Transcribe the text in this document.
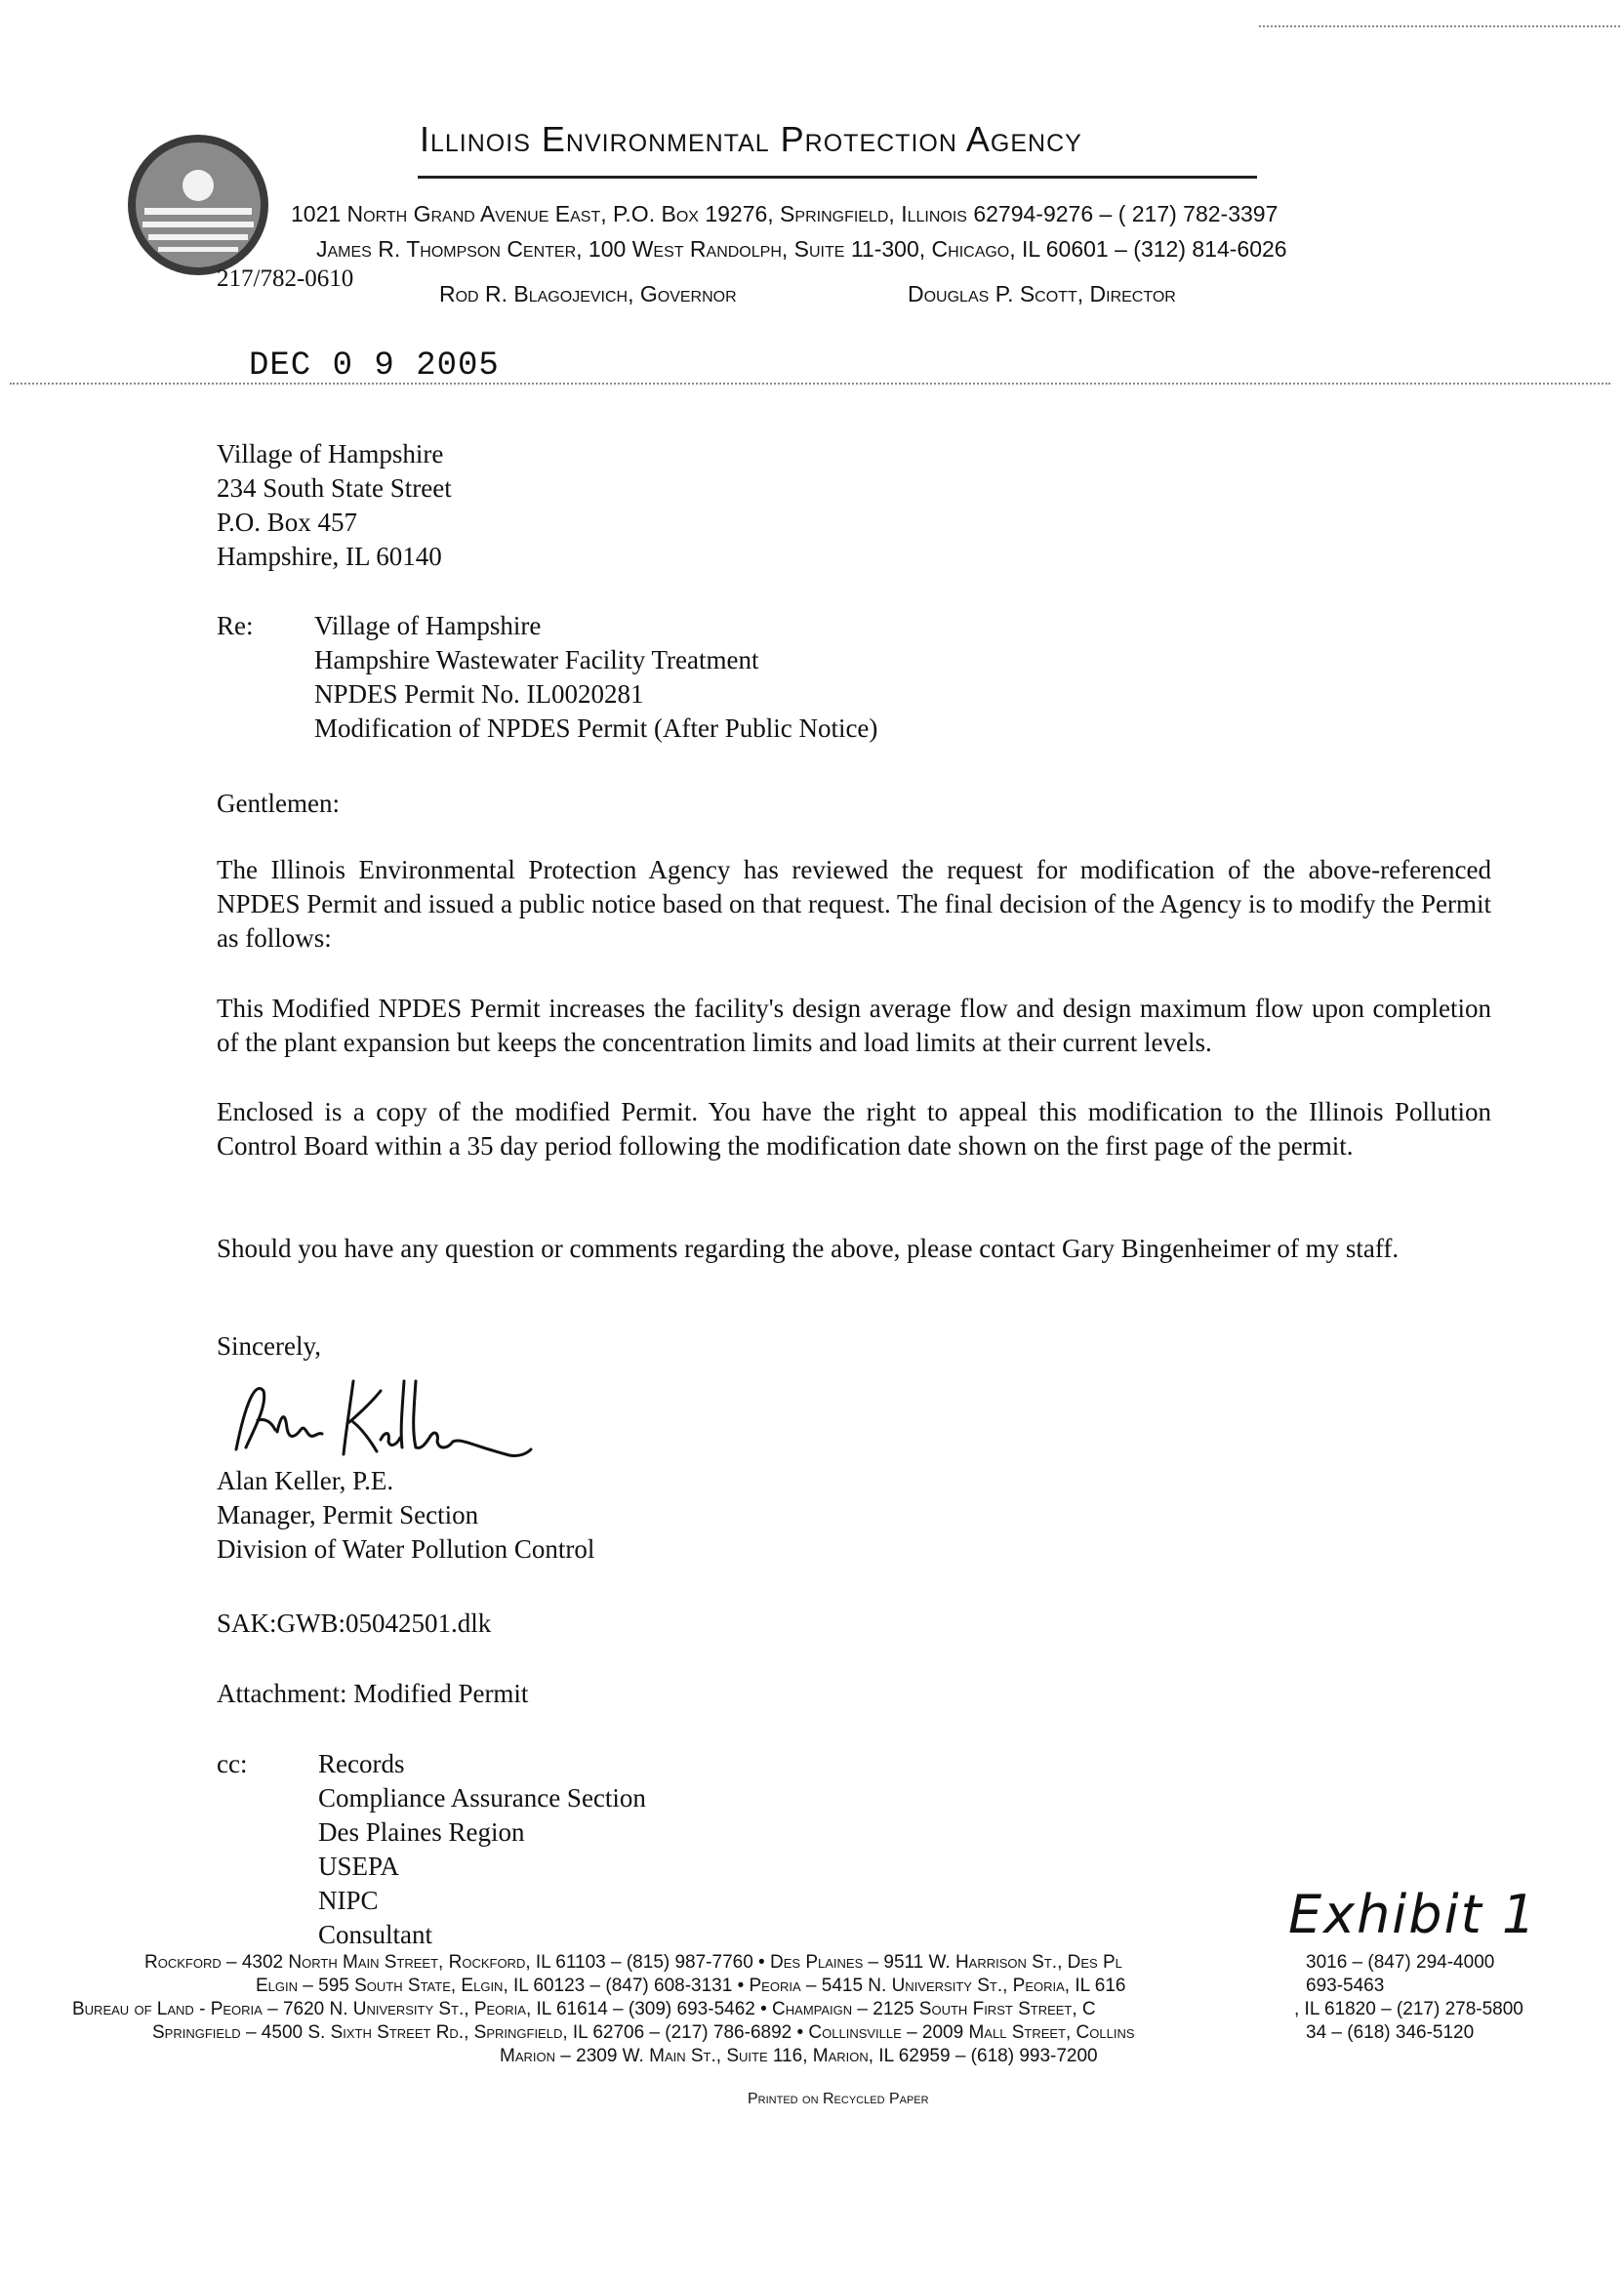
Illinois Environmental Protection Agency
1021 North Grand Avenue East, P.O. Box 19276, Springfield, Illinois 62794-9276 – ( 217) 782-3397
James R. Thompson Center, 100 West Randolph, Suite 11-300, Chicago, IL 60601 – (312) 814-6026
217/782-0610
Rod R. Blagojevich, Governor	Douglas P. Scott, Director
DEC 0 9 2005
Village of Hampshire
234 South State Street
P.O. Box 457
Hampshire, IL 60140
Re: Village of Hampshire
Hampshire Wastewater Facility Treatment
NPDES Permit No. IL0020281
Modification of NPDES Permit (After Public Notice)
Gentlemen:
The Illinois Environmental Protection Agency has reviewed the request for modification of the above-referenced NPDES Permit and issued a public notice based on that request. The final decision of the Agency is to modify the Permit as follows:
This Modified NPDES Permit increases the facility's design average flow and design maximum flow upon completion of the plant expansion but keeps the concentration limits and load limits at their current levels.
Enclosed is a copy of the modified Permit. You have the right to appeal this modification to the Illinois Pollution Control Board within a 35 day period following the modification date shown on the first page of the permit.
Should you have any question or comments regarding the above, please contact Gary Bingenheimer of my staff.
Sincerely,
Alan Keller, P.E.
Manager, Permit Section
Division of Water Pollution Control
SAK:GWB:05042501.dlk
Attachment: Modified Permit
cc:	Records
Compliance Assurance Section
Des Plaines Region
USEPA
NIPC
Consultant	Exhibit 1
Rockford – 4302 North Main Street, Rockford, IL 61103 – (815) 987-7760 • Des Plaines – 9511 W. Harrison St., Des Pl	3016 – (847) 294-4000
Elgin – 595 South State, Elgin, IL 60123 – (847) 608-3131 • Peoria – 5415 N. University St., Peoria, IL 616	693-5463
Bureau of Land - Peoria – 7620 N. University St., Peoria, IL 61614 – (309) 693-5462 • Champaign – 2125 South First Street, C	, IL 61820 – (217) 278-5800
Springfield – 4500 S. Sixth Street Rd., Springfield, IL 62706 – (217) 786-6892 • Collinsville – 2009 Mall Street, Collins	34 – (618) 346-5120
Marion – 2309 W. Main St., Suite 116, Marion, IL 62959 – (618) 993-7200
Printed on Recycled Paper
